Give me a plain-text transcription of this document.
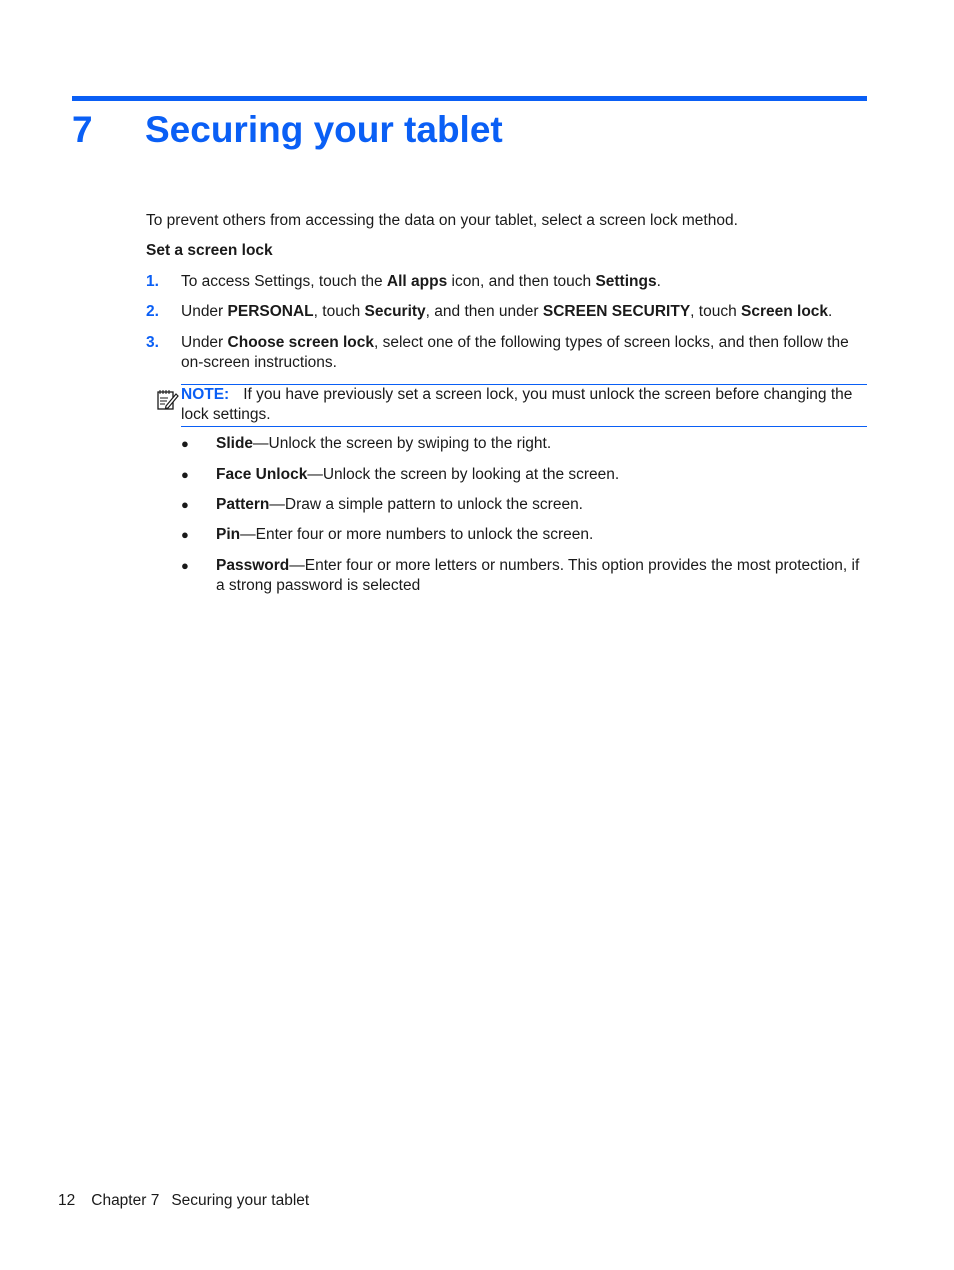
7	Securing your tablet

To prevent others from accessing the data on your tablet, select a screen lock method.

Set a screen lock

1.	To access Settings, touch the All apps icon, and then touch Settings.
2.	Under PERSONAL, touch Security, and then under SCREEN SECURITY, touch Screen lock.
3.	Under Choose screen lock, select one of the following types of screen locks, and then follow the on-screen instructions.
NOTE: If you have previously set a screen lock, you must unlock the screen before changing the lock settings.
●	Slide—Unlock the screen by swiping to the right.
●	Face Unlock—Unlock the screen by looking at the screen.
●	Pattern—Draw a simple pattern to unlock the screen.
●	Pin—Enter four or more numbers to unlock the screen.
●	Password—Enter four or more letters or numbers. This option provides the most protection, if a strong password is selected
12 Chapter 7 Securing your tablet
